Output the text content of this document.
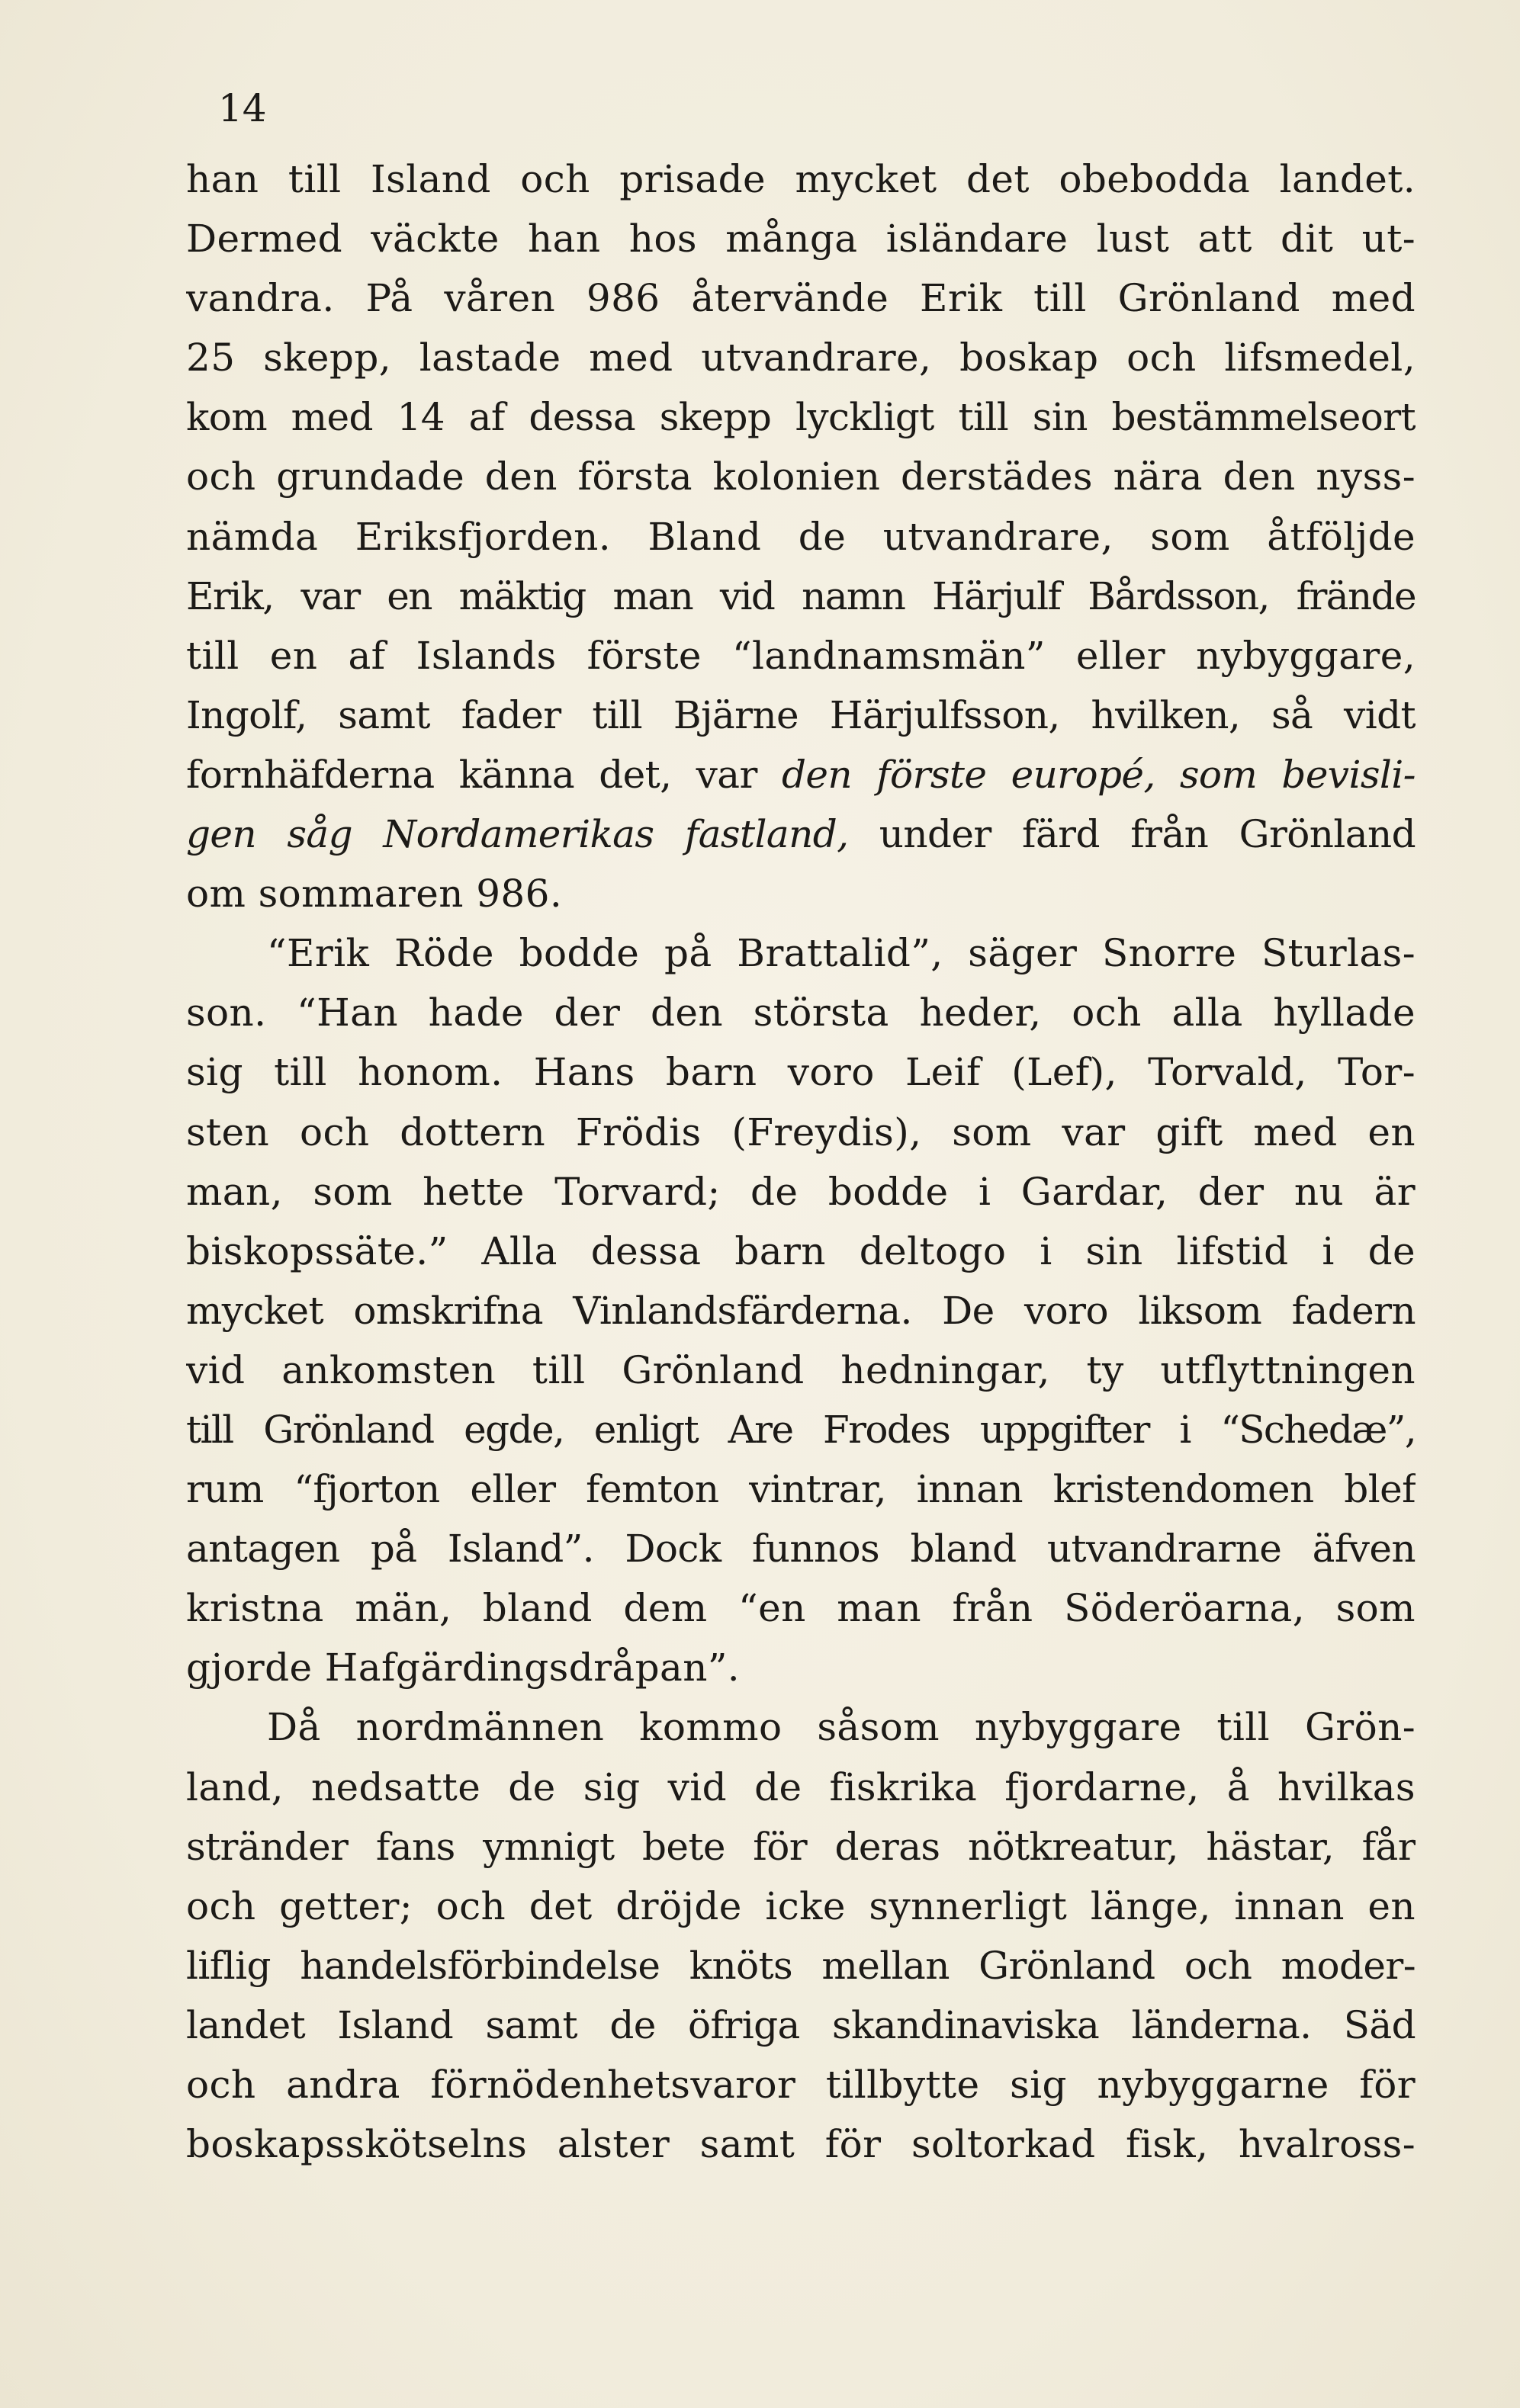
14
han till Island och prisade mycket det obebodda landet.
Dermed väckte han hos många isländare lust att dit ut-
vandra. På våren 986 återvände Erik till Grönland med
25 skepp, lastade med utvandrare, boskap och lifsmedel,
kom med 14 af dessa skepp lyckligt till sin bestämmelseort
och grundade den första kolonien derstädes nära den nyss-
nämda Eriksfjorden. Bland de utvandrare, som åtföljde
Erik, var en mäktig man vid namn Härjulf Bårdsson, frände
till en af Islands förste “landnamsmän” eller nybyggare,
Ingolf, samt fader till Bjärne Härjulfsson, hvilken, så vidt
fornhäfderna känna det, var den förste europé, som bevisli-
gen såg Nordamerikas fastland, under färd från Grönland
om sommaren 986.
“Erik Röde bodde på Brattalid”, säger Snorre Sturlas-
son. “Han hade der den största heder, och alla hyllade
sig till honom. Hans barn voro Leif (Lef), Torvald, Tor-
sten och dottern Frödis (Freydis), som var gift med en
man, som hette Torvard; de bodde i Gardar, der nu är
biskopssäte.” Alla dessa barn deltogo i sin lifstid i de
mycket omskrifna Vinlandsfärderna. De voro liksom fadern
vid ankomsten till Grönland hedningar, ty utflyttningen
till Grönland egde, enligt Are Frodes uppgifter i “Schedæ”,
rum “fjorton eller femton vintrar, innan kristendomen blef
antagen på Island”. Dock funnos bland utvandrarne äfven
kristna män, bland dem “en man från Söderöarna, som
gjorde Hafgärdingsdråpan”.
Då nordmännen kommo såsom nybyggare till Grön-
land, nedsatte de sig vid de fiskrika fjordarne, å hvilkas
stränder fans ymnigt bete för deras nötkreatur, hästar, får
och getter; och det dröjde icke synnerligt länge, innan en
liflig handelsförbindelse knöts mellan Grönland och moder-
landet Island samt de öfriga skandinaviska länderna. Säd
och andra förnödenhetsvaror tillbytte sig nybyggarne för
boskapsskötselns alster samt för soltorkad fisk, hvalross-
